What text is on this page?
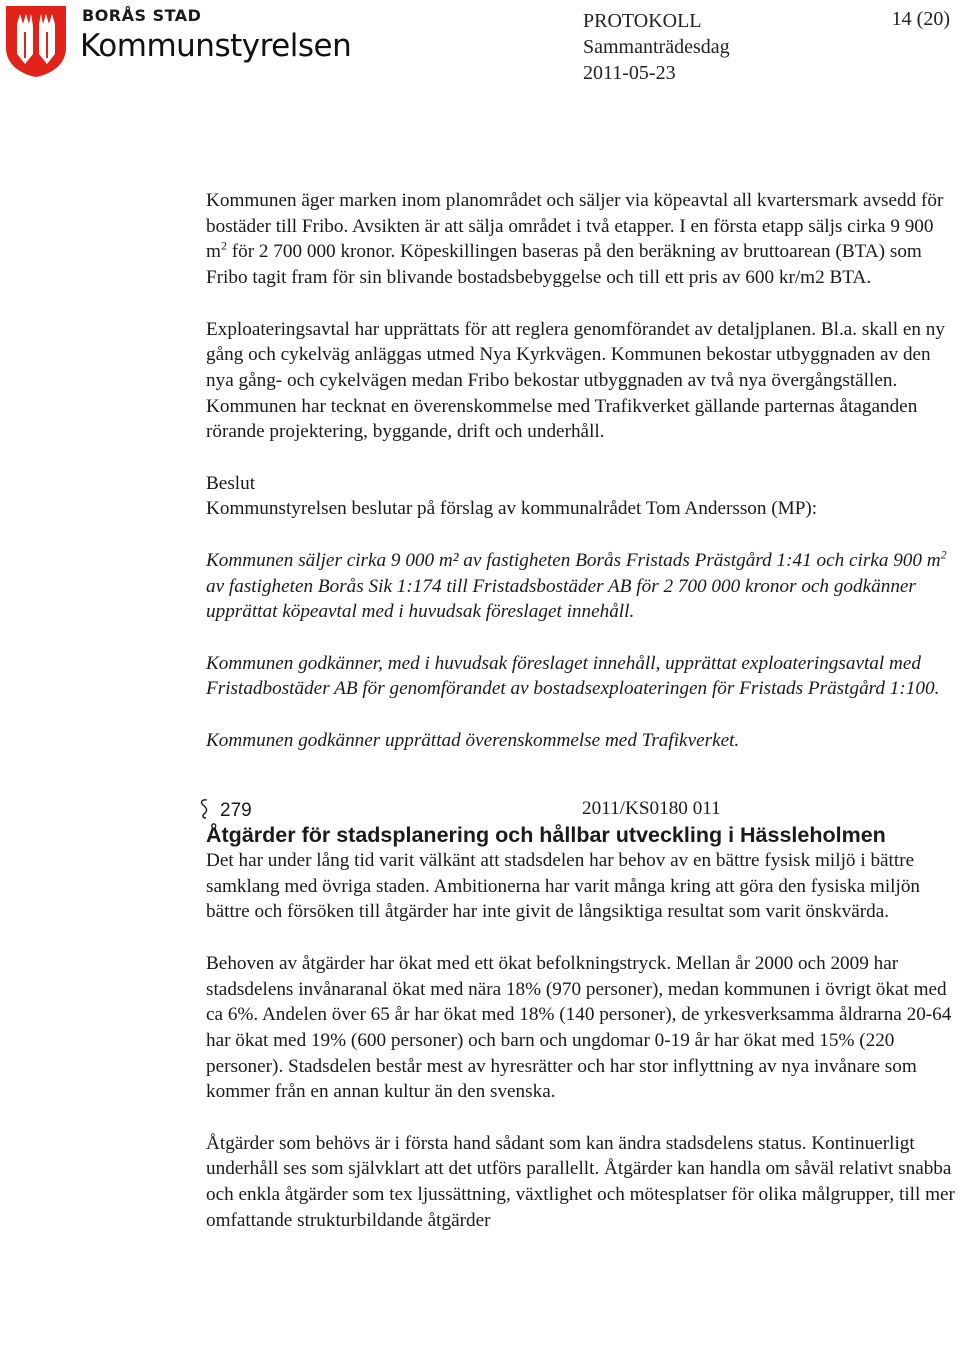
BORÅS STAD
Kommunstyrelsen
PROTOKOLL
Sammanträdesdag
2011-05-23
14 (20)

Kommunen äger marken inom planområdet och säljer via köpeavtal all kvartersmark avsedd för bostäder till Fribo. Avsikten är att sälja området i två etapper. I en första etapp säljs cirka 9 900 $m^2$ för 2 700 000 kronor. Köpeskillingen baseras på den beräkning av bruttoarean (BTA) som Fribo tagit fram för sin blivande bostadsbebyggelse och till ett pris av 600 kr/m2 BTA.

Exploateringsavtal har upprättats för att reglera genomförandet av detaljplanen. Bl.a. skall en ny gång och cykelväg anläggas utmed Nya Kyrkvägen. Kommunen bekostar utbyggnaden av den nya gång- och cykelvägen medan Fribo bekostar utbyggnaden av två nya övergångställen. Kommunen har tecknat en överenskommelse med Trafikverket gällande parternas åtaganden rörande projektering, byggande, drift och underhåll.

Beslut

Kommunstyrelsen beslutar på förslag av kommunalrådet Tom Andersson (MP):

Kommunen säljer cirka 9 000 m² av fastigheten Borås Fristads Prästgård 1:41 och cirka 900 $m^2$ av fastigheten Borås Sik 1:174 till Fristadsbostäder AB för 2 700 000 kronor och godkänner upprättat köpeavtal med i huvudsak föreslaget innehåll.

Kommunen godkänner, med i huvudsak föreslaget innehåll, upprättat exploateringsavtal med Fristadbostäder AB för genomförandet av bostadsexploateringen för Fristads Prästgård 1:100.

Kommunen godkänner upprättad överenskommelse med Trafikverket.

279	2011/KS0180 011
Åtgärder för stadsplanering och hållbar utveckling i Hässleholmen

Det har under lång tid varit välkänt att stadsdelen har behov av en bättre fysisk miljö i bättre samklang med övriga staden. Ambitionerna har varit många kring att göra den fysiska miljön bättre och försöken till åtgärder har inte givit de långsiktiga resultat som varit önskvärda.

Behoven av åtgärder har ökat med ett ökat befolkningstryck. Mellan år 2000 och 2009 har stadsdelens invånaranal ökat med nära 18% (970 personer), medan kommunen i övrigt ökat med ca 6%. Andelen över 65 år har ökat med 18% (140 personer), de yrkesverksamma åldrarna 20-64 har ökat med 19% (600 personer) och barn och ungdomar 0-19 år har ökat med 15% (220 personer). Stadsdelen består mest av hyresrätter och har stor inflyttning av nya invånare som kommer från en annan kultur än den svenska.

Åtgärder som behövs är i första hand sådant som kan ändra stadsdelens status. Kontinuerligt underhåll ses som självklart att det utförs parallellt. Åtgärder kan handla om såväl relativt snabba och enkla åtgärder som tex ljussättning, växtlighet och mötesplatser för olika målgrupper, till mer omfattande strukturbildande åtgärder
